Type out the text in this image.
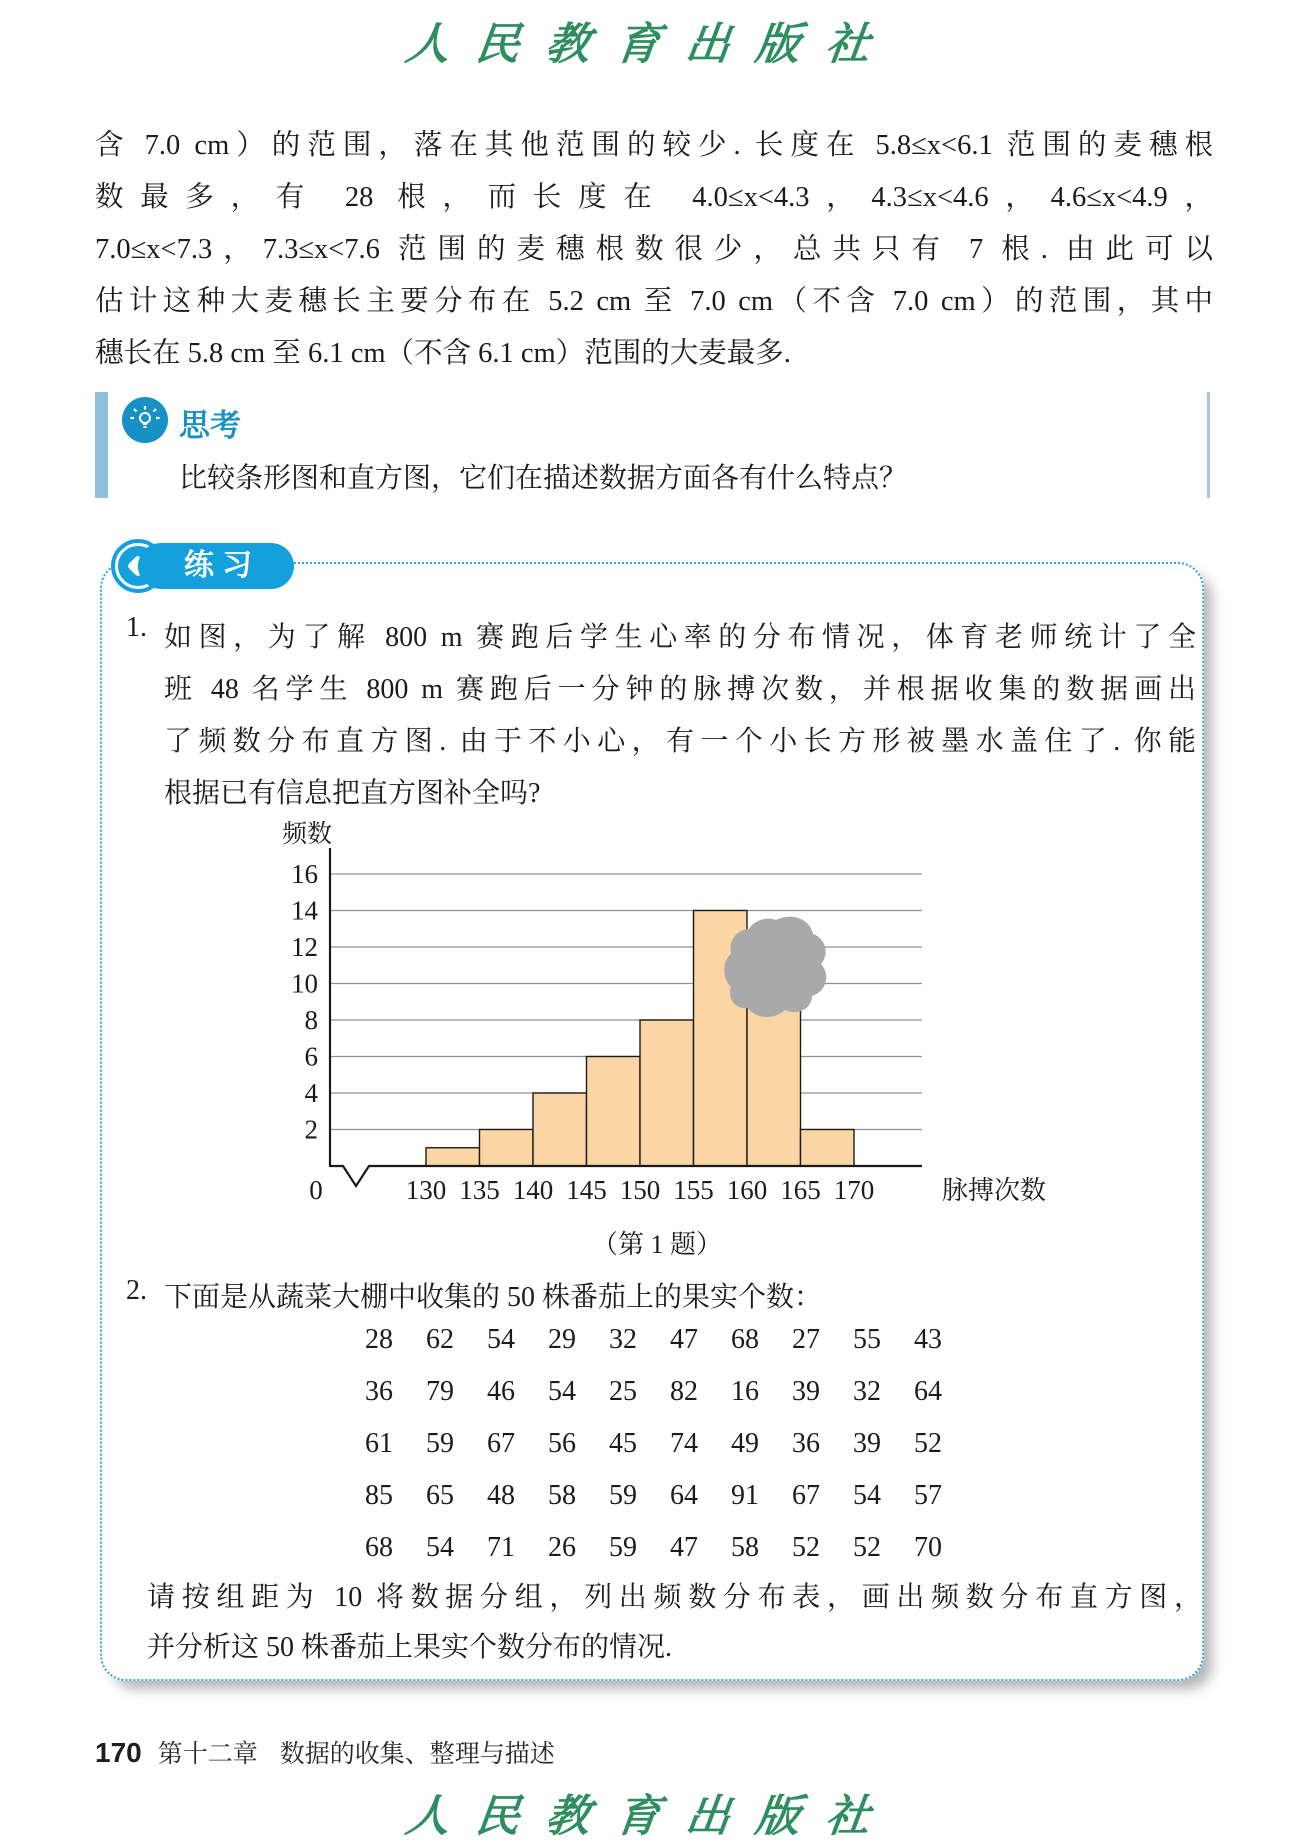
人民教育出版社
含 7.0 cm）的范围，落在其他范围的较少. 长度在 5.8≤x<6.1 范围的麦穗根
数最多，有 28 根，而长度在 4.0≤x<4.3，4.3≤x<4.6，4.6≤x<4.9，
7.0≤x<7.3，7.3≤x<7.6 范围的麦穗根数很少，总共只有 7 根. 由此可以
估计这种大麦穗长主要分布在 5.2 cm 至 7.0 cm（不含 7.0 cm）的范围，其中
穗长在 5.8 cm 至 6.1 cm（不含 6.1 cm）范围的大麦最多.
思考
比较条形图和直方图，它们在描述数据方面各有什么特点？
练习
1. 如图，为了解 800 m 赛跑后学生心率的分布情况，体育老师统计了全
班 48 名学生 800 m 赛跑后一分钟的脉搏次数，并根据收集的数据画出
了频数分布直方图. 由于不小心，有一个小长方形被墨水盖住了. 你能
根据已有信息把直方图补全吗?
频数
2
4
6
8
10
12
14
16
0	130 135 140 145 150 155 160 165 170	脉搏次数
（第 1 题）
2. 下面是从蔬菜大棚中收集的 50 株番茄上的果实个数：
28	62	54	29	32	47	68	27	55	43
36	79	46	54	25	82	16	39	32	64
61	59	67	56	45	74	49	36	39	52
85	65	48	58	59	64	91	67	54	57
68	54	71	26	59	47	58	52	52	70
请按组距为 10 将数据分组，列出频数分布表，画出频数分布直方图，
并分析这 50 株番茄上果实个数分布的情况.
170 第十二章 数据的收集、整理与描述
人民教育出版社
